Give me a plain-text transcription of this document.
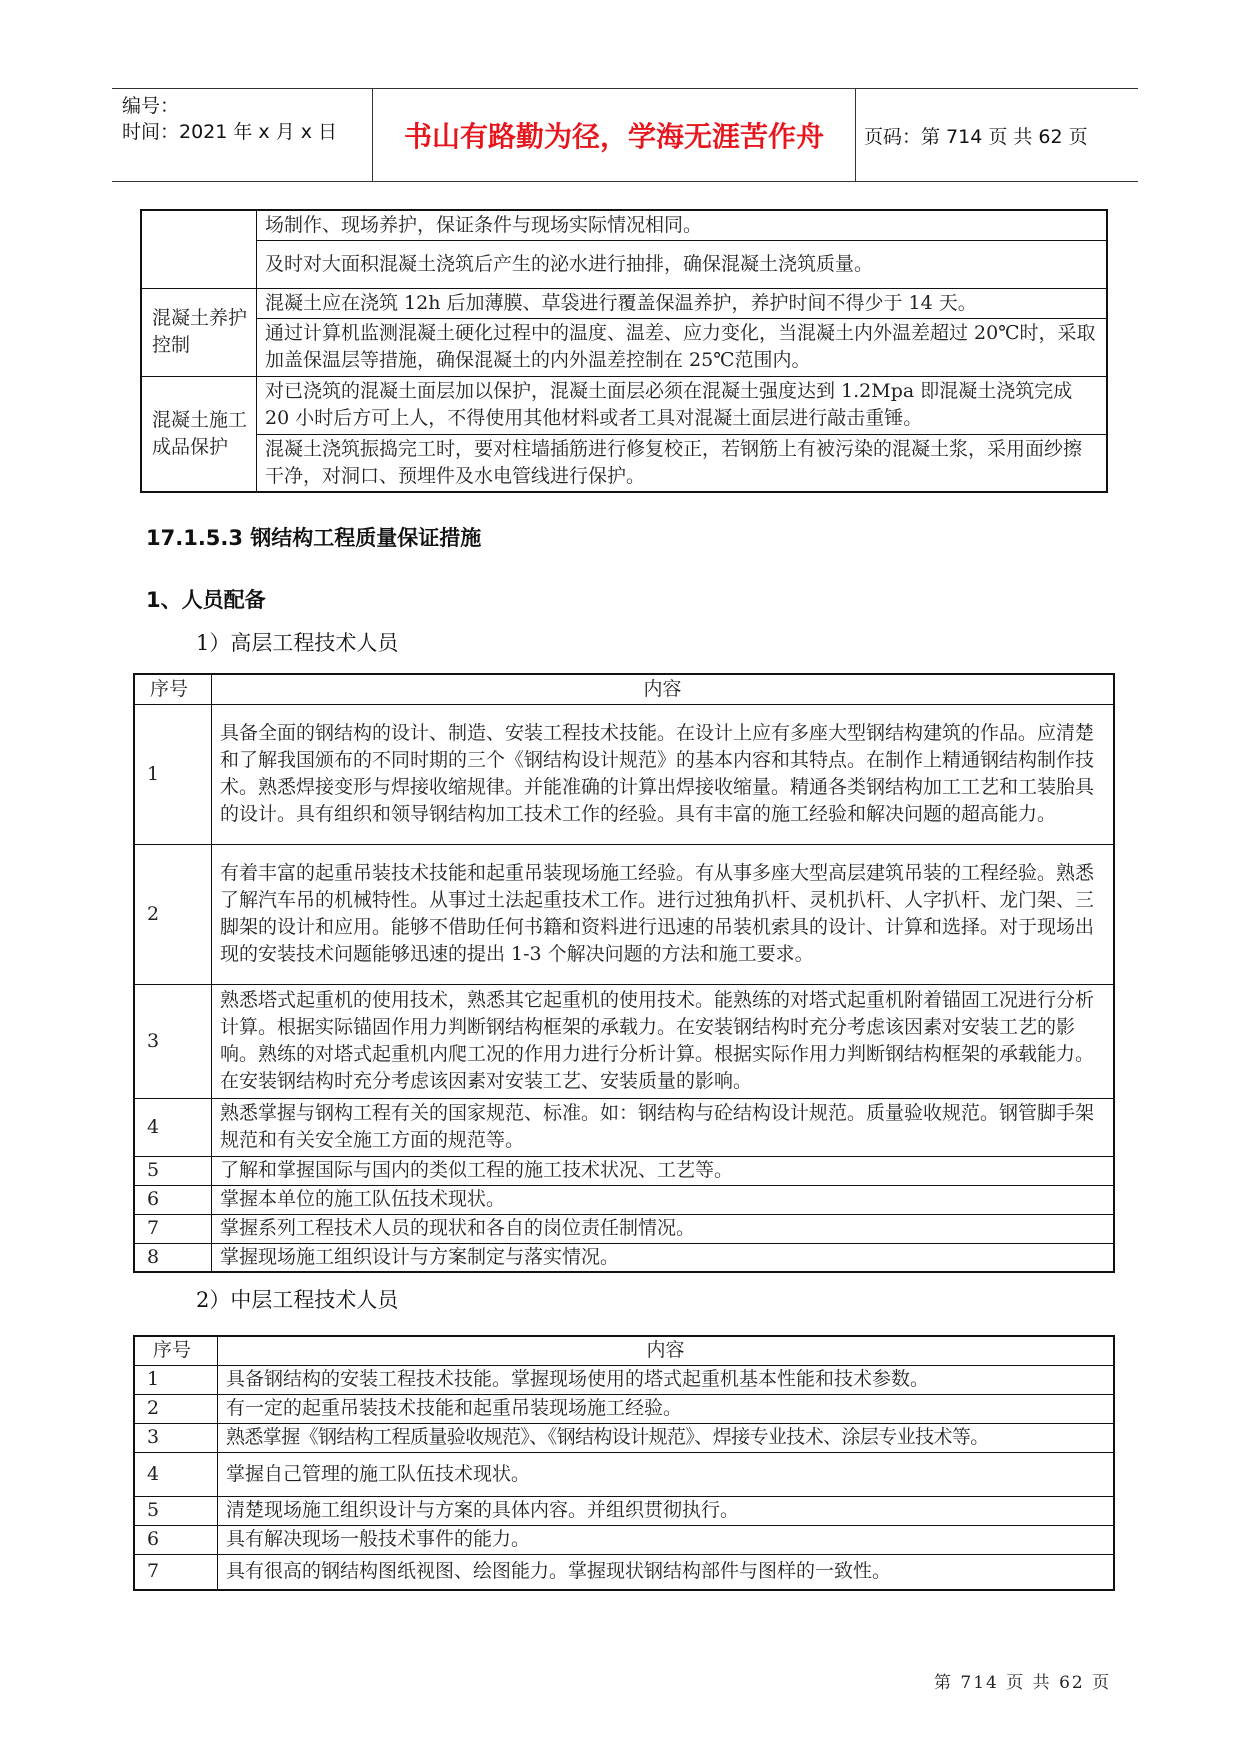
编号：
时间：2021 年 x 月 x 日	书山有路勤为径，学海无涯苦作舟	页码：第 714 页 共 62 页
	场制作、现场养护，保证条件与现场实际情况相同。
	及时对大面积混凝土浇筑后产生的泌水进行抽排，确保混凝土浇筑质量。
混凝土养护控制	混凝土应在浇筑 12h 后加薄膜、草袋进行覆盖保温养护，养护时间不得少于 14 天。
	通过计算机监测混凝土硬化过程中的温度、温差、应力变化，当混凝土内外温差超过 20℃时，采取加盖保温层等措施，确保混凝土的内外温差控制在 25℃范围内。
混凝土施工成品保护	对已浇筑的混凝土面层加以保护，混凝土面层必须在混凝土强度达到 1.2Mpa 即混凝土浇筑完成 20 小时后方可上人，不得使用其他材料或者工具对混凝土面层进行敲击重锤。
	混凝土浇筑振捣完工时，要对柱墙插筋进行修复校正，若钢筋上有被污染的混凝土浆，采用面纱擦干净，对洞口、预埋件及水电管线进行保护。
17.1.5.3 钢结构工程质量保证措施
1、人员配备
1）高层工程技术人员
序号	内容
1	具备全面的钢结构的设计、制造、安装工程技术技能。在设计上应有多座大型钢结构建筑的作品。应清楚和了解我国颁布的不同时期的三个《钢结构设计规范》的基本内容和其特点。在制作上精通钢结构制作技术。熟悉焊接变形与焊接收缩规律。并能准确的计算出焊接收缩量。精通各类钢结构加工工艺和工装胎具的设计。具有组织和领导钢结构加工技术工作的经验。具有丰富的施工经验和解决问题的超高能力。
2	有着丰富的起重吊装技术技能和起重吊装现场施工经验。有从事多座大型高层建筑吊装的工程经验。熟悉了解汽车吊的机械特性。从事过土法起重技术工作。进行过独角扒杆、灵机扒杆、人字扒杆、龙门架、三脚架的设计和应用。能够不借助任何书籍和资料进行迅速的吊装机索具的设计、计算和选择。对于现场出现的安装技术问题能够迅速的提出 1-3 个解决问题的方法和施工要求。
3	熟悉塔式起重机的使用技术，熟悉其它起重机的使用技术。能熟练的对塔式起重机附着锚固工况进行分析计算。根据实际锚固作用力判断钢结构框架的承载力。在安装钢结构时充分考虑该因素对安装工艺的影响。熟练的对塔式起重机内爬工况的作用力进行分析计算。根据实际作用力判断钢结构框架的承载能力。在安装钢结构时充分考虑该因素对安装工艺、安装质量的影响。
4	熟悉掌握与钢构工程有关的国家规范、标准。如：钢结构与砼结构设计规范。质量验收规范。钢管脚手架规范和有关安全施工方面的规范等。
5	了解和掌握国际与国内的类似工程的施工技术状况、工艺等。
6	掌握本单位的施工队伍技术现状。
7	掌握系列工程技术人员的现状和各自的岗位责任制情况。
8	掌握现场施工组织设计与方案制定与落实情况。
2）中层工程技术人员
序号	内容
1	具备钢结构的安装工程技术技能。掌握现场使用的塔式起重机基本性能和技术参数。
2	有一定的起重吊装技术技能和起重吊装现场施工经验。
3	熟悉掌握《钢结构工程质量验收规范》、《钢结构设计规范》、焊接专业技术、涂层专业技术等。
4	掌握自己管理的施工队伍技术现状。
5	清楚现场施工组织设计与方案的具体内容。并组织贯彻执行。
6	具有解决现场一般技术事件的能力。
7	具有很高的钢结构图纸视图、绘图能力。掌握现状钢结构部件与图样的一致性。
第 714 页 共 62 页
